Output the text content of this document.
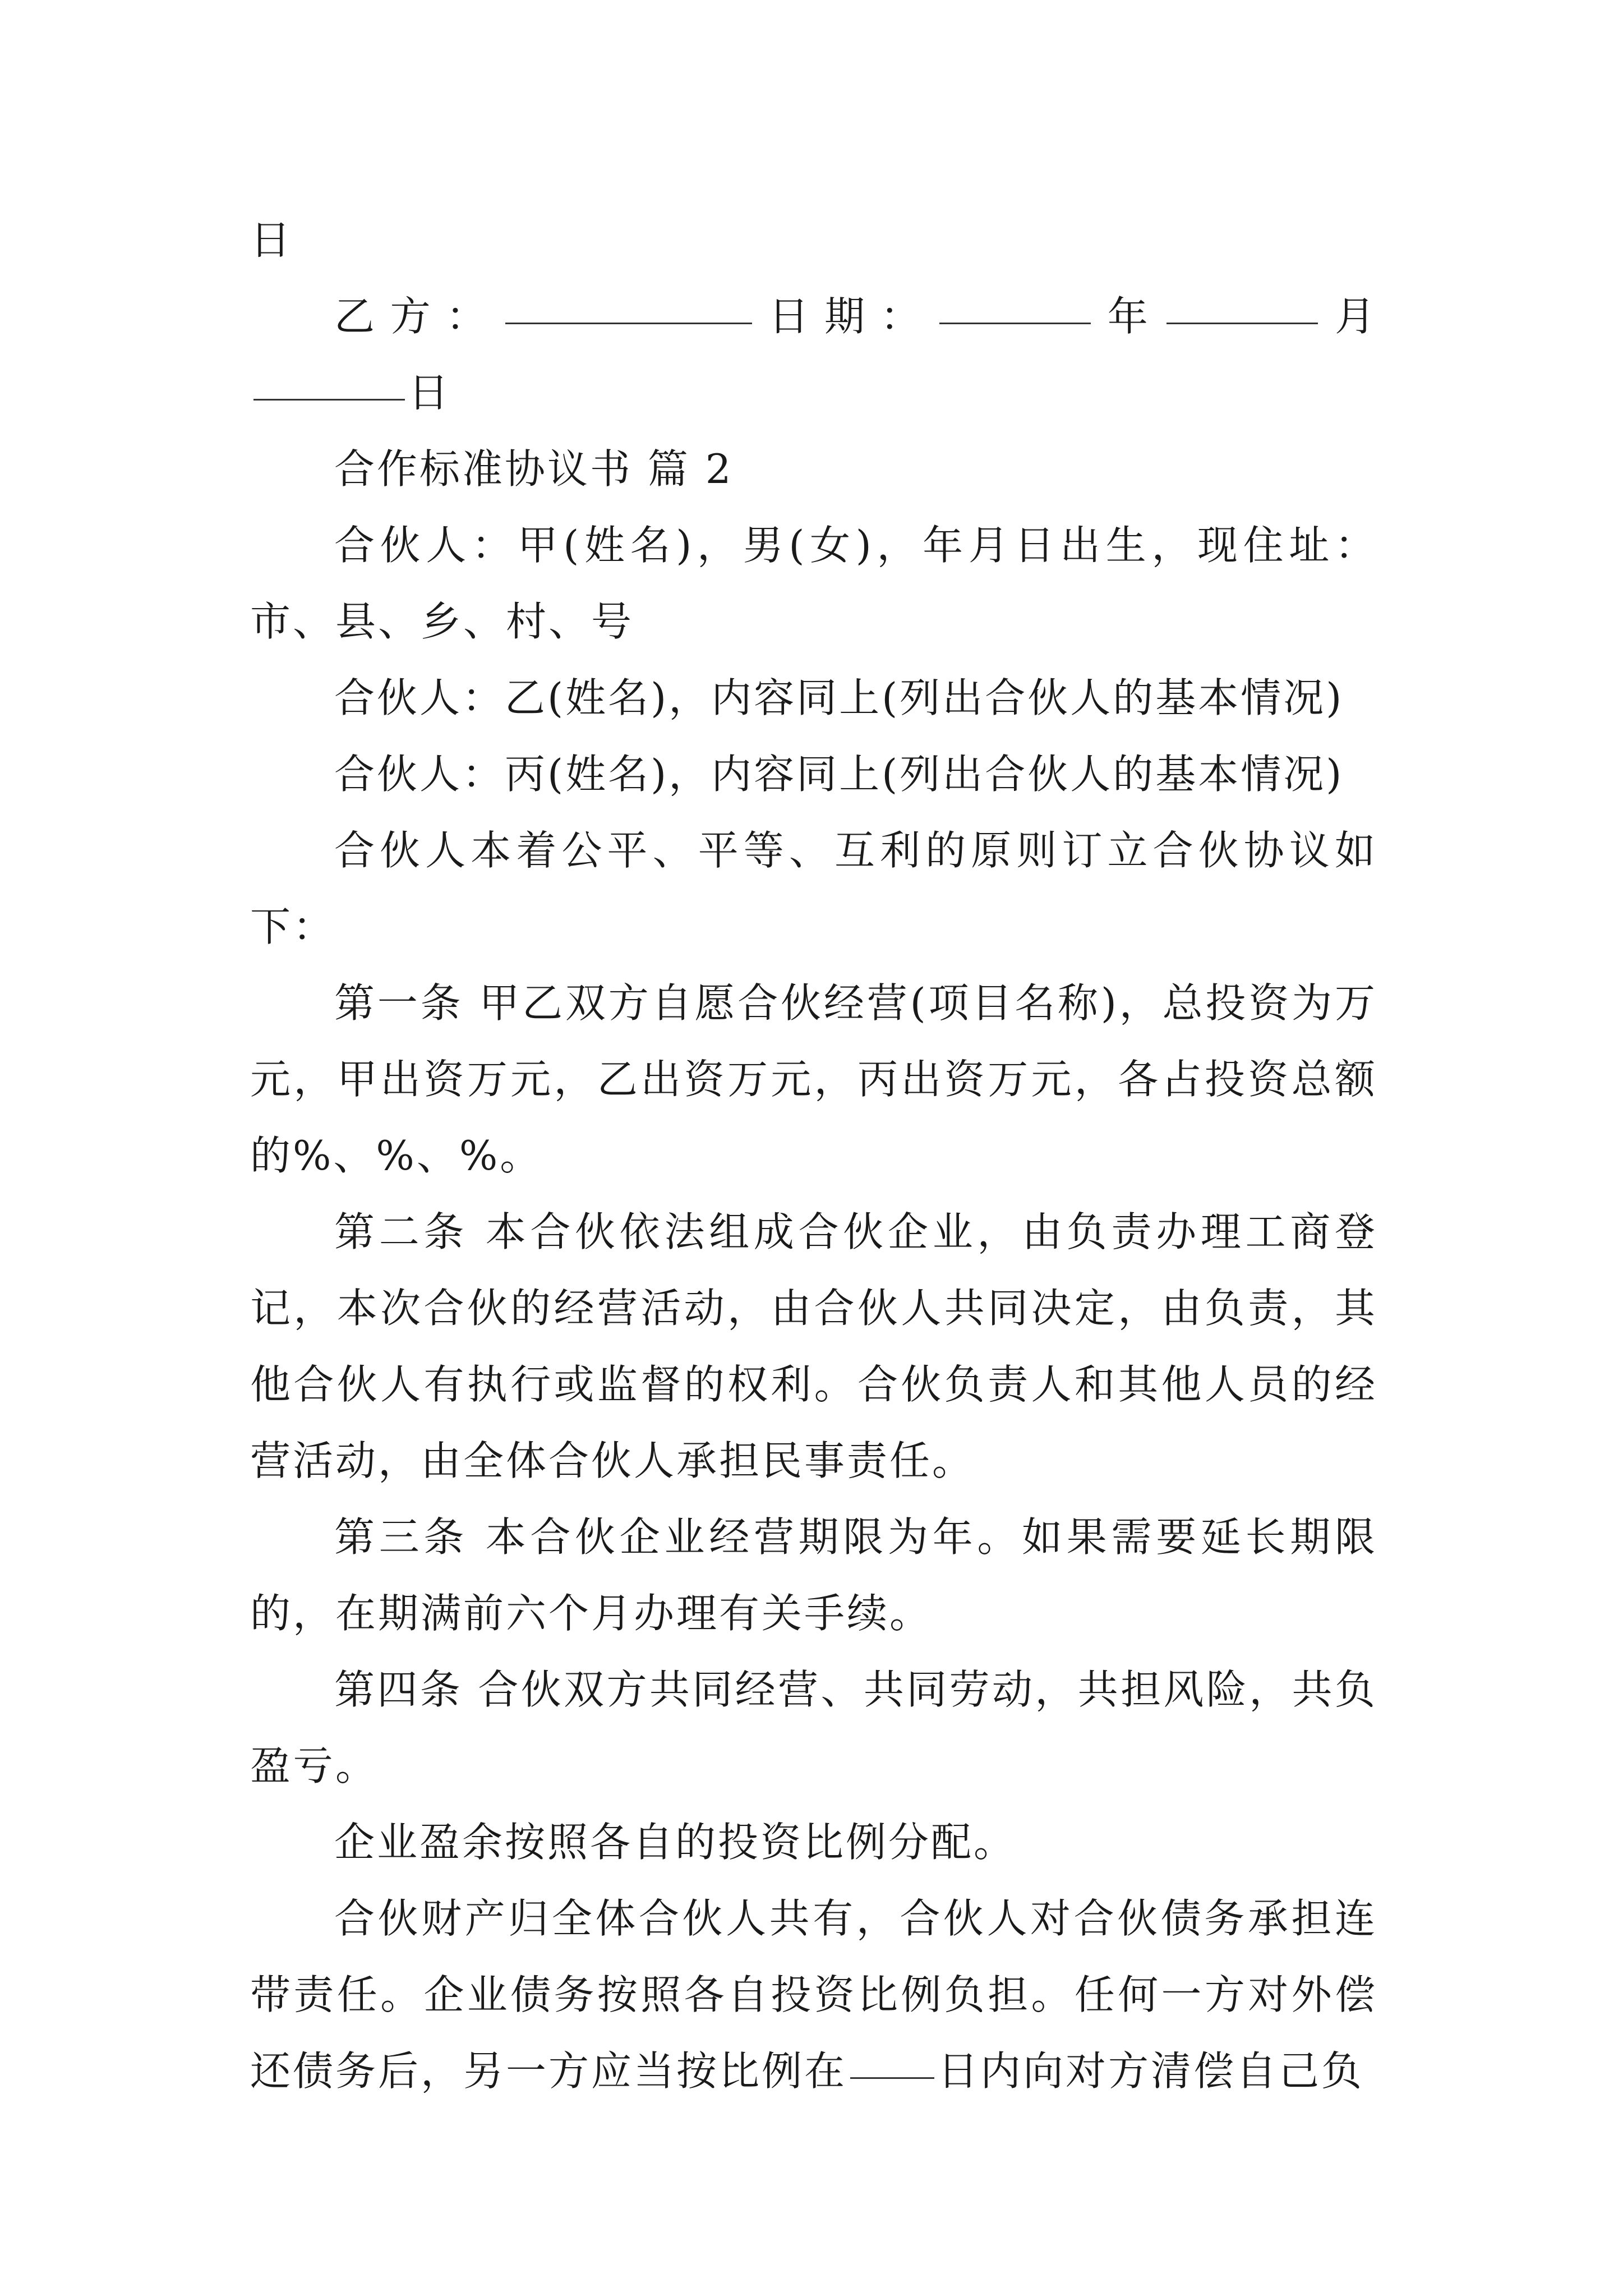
日

乙方：	日期：	年	月日

合作标准协议书 篇 2

合伙人：甲(姓名)，男(女)，年月日出生，现住址：市、县、乡、村、号

合伙人：乙(姓名)，内容同上(列出合伙人的基本情况)

合伙人：丙(姓名)，内容同上(列出合伙人的基本情况)

合伙人本着公平、平等、互利的原则订立合伙协议如下：

第一条 甲乙双方自愿合伙经营(项目名称)，总投资为万元，甲出资万元，乙出资万元，丙出资万元，各占投资总额的%、%、%。

第二条 本合伙依法组成合伙企业，由负责办理工商登记，本次合伙的经营活动，由合伙人共同决定，由负责，其他合伙人有执行或监督的权利。合伙负责人和其他人员的经营活动，由全体合伙人承担民事责任。

第三条 本合伙企业经营期限为年。如果需要延长期限的，在期满前六个月办理有关手续。

第四条 合伙双方共同经营、共同劳动，共担风险，共负盈亏。

企业盈余按照各自的投资比例分配。

合伙财产归全体合伙人共有，合伙人对合伙债务承担连带责任。企业债务按照各自投资比例负担。任何一方对外偿还债务后，另一方应当按比例在 日内向对方清偿自己负
